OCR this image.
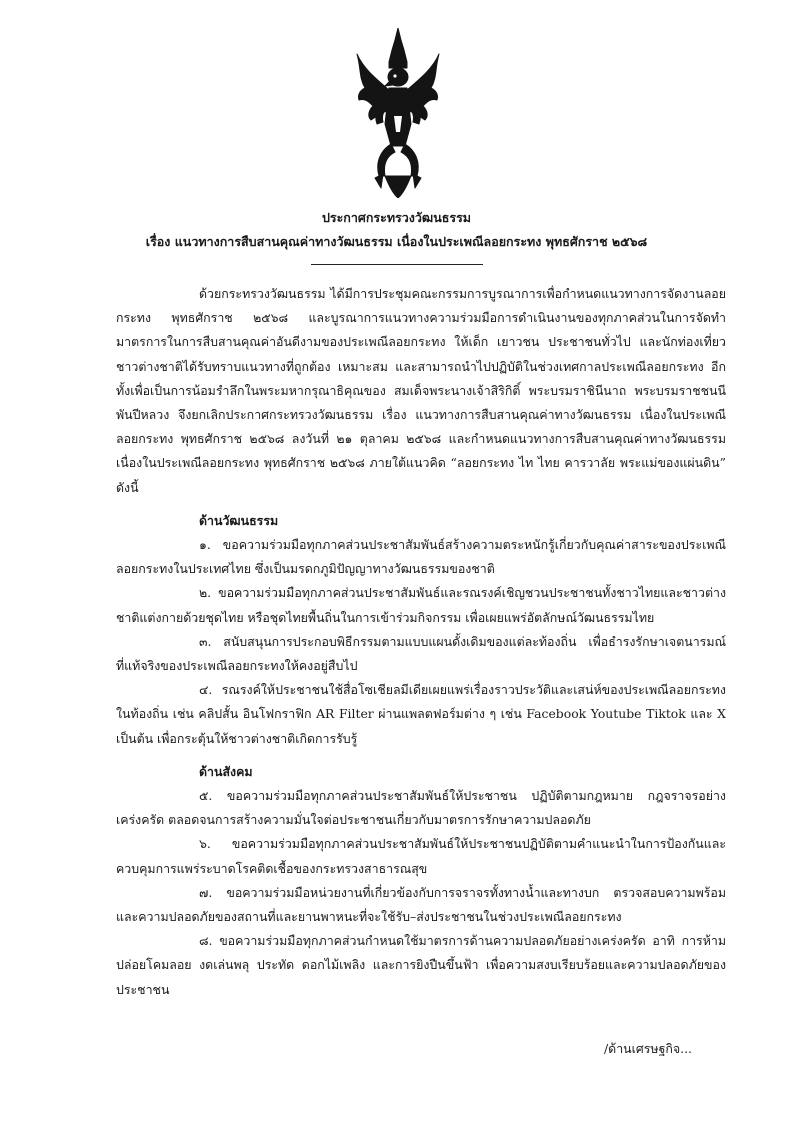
ประกาศกระทรวงวัฒนธรรม
เรื่อง แนวทางการสืบสานคุณค่าทางวัฒนธรรม เนื่องในประเพณีลอยกระทง พุทธศักราช ๒๕๖๘

ด้วยกระทรวงวัฒนธรรม ได้มีการประชุมคณะกรรมการบูรณาการเพื่อกำหนดแนวทางการจัดงานลอยกระทง พุทธศักราช ๒๕๖๘ และบูรณาการแนวทางความร่วมมือการดำเนินงานของทุกภาคส่วนในการจัดทำมาตรการในการสืบสานคุณค่าอันดีงามของประเพณีลอยกระทง ให้เด็ก เยาวชน ประชาชนทั่วไป และนักท่องเที่ยวชาวต่างชาติได้รับทราบแนวทางที่ถูกต้อง เหมาะสม และสามารถนำไปปฏิบัติในช่วงเทศกาลประเพณีลอยกระทง อีกทั้งเพื่อเป็นการน้อมรำลึกในพระมหากรุณาธิคุณของ สมเด็จพระนางเจ้าสิริกิติ์ พระบรมราชินีนาถ พระบรมราชชนนีพันปีหลวง จึงยกเลิกประกาศกระทรวงวัฒนธรรม เรื่อง แนวทางการสืบสานคุณค่าทางวัฒนธรรม เนื่องในประเพณีลอยกระทง พุทธศักราช ๒๕๖๘ ลงวันที่ ๒๑ ตุลาคม ๒๕๖๘ และกำหนดแนวทางการสืบสานคุณค่าทางวัฒนธรรม เนื่องในประเพณีลอยกระทง พุทธศักราช ๒๕๖๘ ภายใต้แนวคิด “ลอยกระทง ไท ไทย คารวาลัย พระแม่ของแผ่นดิน” ดังนี้

ด้านวัฒนธรรม

๑. ขอความร่วมมือทุกภาคส่วนประชาสัมพันธ์สร้างความตระหนักรู้เกี่ยวกับคุณค่าสาระของประเพณีลอยกระทงในประเทศไทย ซึ่งเป็นมรดกภูมิปัญญาทางวัฒนธรรมของชาติ

๒. ขอความร่วมมือทุกภาคส่วนประชาสัมพันธ์และรณรงค์เชิญชวนประชาชนทั้งชาวไทยและชาวต่างชาติแต่งกายด้วยชุดไทย หรือชุดไทยพื้นถิ่นในการเข้าร่วมกิจกรรม เพื่อเผยแพร่อัตลักษณ์วัฒนธรรมไทย

๓. สนับสนุนการประกอบพิธีกรรมตามแบบแผนดั้งเดิมของแต่ละท้องถิ่น เพื่อธำรงรักษาเจตนารมณ์ที่แท้จริงของประเพณีลอยกระทงให้คงอยู่สืบไป

๔. รณรงค์ให้ประชาชนใช้สื่อโซเชียลมีเดียเผยแพร่เรื่องราวประวัติและเสน่ห์ของประเพณีลอยกระทงในท้องถิ่น เช่น คลิปสั้น อินโฟกราฟิก AR Filter ผ่านแพลตฟอร์มต่าง ๆ เช่น Facebook Youtube Tiktok และ X เป็นต้น เพื่อกระตุ้นให้ชาวต่างชาติเกิดการรับรู้

ด้านสังคม

๕. ขอความร่วมมือทุกภาคส่วนประชาสัมพันธ์ให้ประชาชน ปฏิบัติตามกฎหมาย กฎจราจรอย่างเคร่งครัด ตลอดจนการสร้างความมั่นใจต่อประชาชนเกี่ยวกับมาตรการรักษาความปลอดภัย

๖. ขอความร่วมมือทุกภาคส่วนประชาสัมพันธ์ให้ประชาชนปฏิบัติตามคำแนะนำในการป้องกันและควบคุมการแพร่ระบาดโรคติดเชื้อของกระทรวงสาธารณสุข

๗. ขอความร่วมมือหน่วยงานที่เกี่ยวข้องกับการจราจรทั้งทางน้ำและทางบก ตรวจสอบความพร้อมและความปลอดภัยของสถานที่และยานพาหนะที่จะใช้รับ–ส่งประชาชนในช่วงประเพณีลอยกระทง

๘. ขอความร่วมมือทุกภาคส่วนกำหนดใช้มาตรการด้านความปลอดภัยอย่างเคร่งครัด อาทิ การห้ามปล่อยโคมลอย งดเล่นพลุ ประทัด ดอกไม้เพลิง และการยิงปืนขึ้นฟ้า เพื่อความสงบเรียบร้อยและความปลอดภัยของประชาชน

/ด้านเศรษฐกิจ...
